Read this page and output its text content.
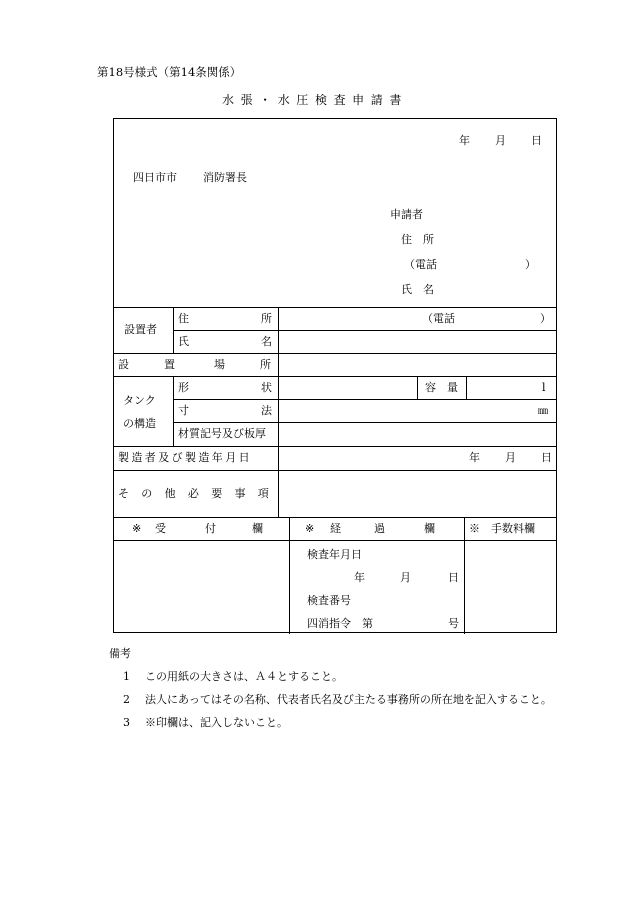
第18号様式（第14条関係）
水張・水圧検査申請書
年 月 日
四日市市 消防署長
申請者
住　所
（電話	）
氏　名
設置者
住	所	（電話	）
氏	名
設	置	場	所
タンク
の構造
形	状	容 量	l
寸	法	㎜
材質記号及び板厚
製造者及び製造年月日	年 月 日
その他必要事項
※ 受	付	欄	※ 経	過	欄	※　手数料欄
検査年月日
年	月	日
検査番号
四消指令　第	号
備考
1 この用紙の大きさは、Ａ４とすること。
2 法人にあってはその名称、代表者氏名及び主たる事務所の所在地を記入すること。
3 ※印欄は、記入しないこと。
